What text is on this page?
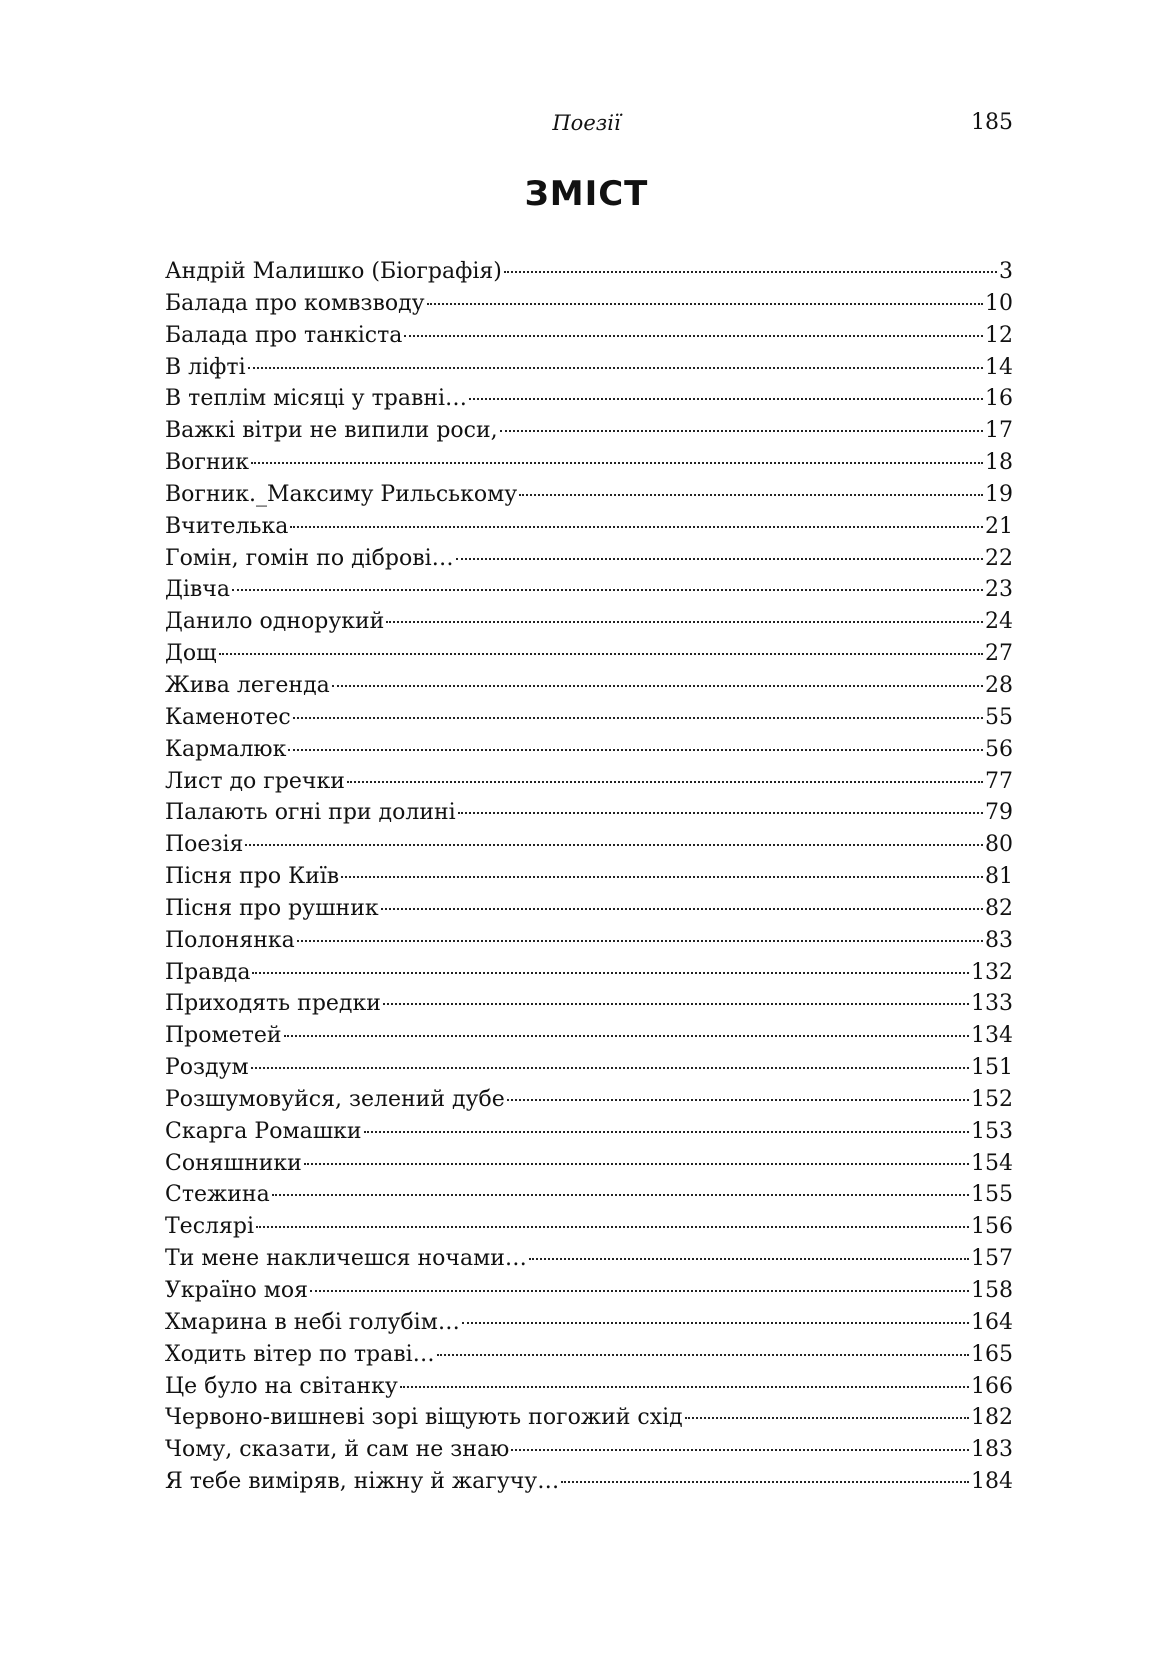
Поезії	185
ЗМІСТ
Андрій Малишко (Біографія)	3
Балада про комвзводу	10
Балада про танкіста	12
В ліфті	14
В теплім місяці у травні…	16
Важкі вітри не випили роси,	17
Вогник	18
Вогник._Максиму Рильському	19
Вчителька	21
Гомін, гомін по діброві…	22
Дівча	23
Данило однорукий	24
Дощ	27
Жива легенда	28
Каменотес	55
Кармалюк	56
Лист до гречки	77
Палають огні при долині	79
Поезія	80
Пісня про Київ	81
Пісня про рушник	82
Полонянка	83
Правда	132
Приходять предки	133
Прометей	134
Роздум	151
Розшумовуйся, зелений дубе	152
Скарга Ромашки	153
Соняшники	154
Стежина	155
Теслярі	156
Ти мене накличешся ночами…	157
Україно моя	158
Хмарина в небі голубім…	164
Ходить вітер по траві…	165
Це було на світанку	166
Червоно-вишневі зорі віщують погожий схід	182
Чому, сказати, й сам не знаю	183
Я тебе виміряв, ніжну й жагучу…	184
